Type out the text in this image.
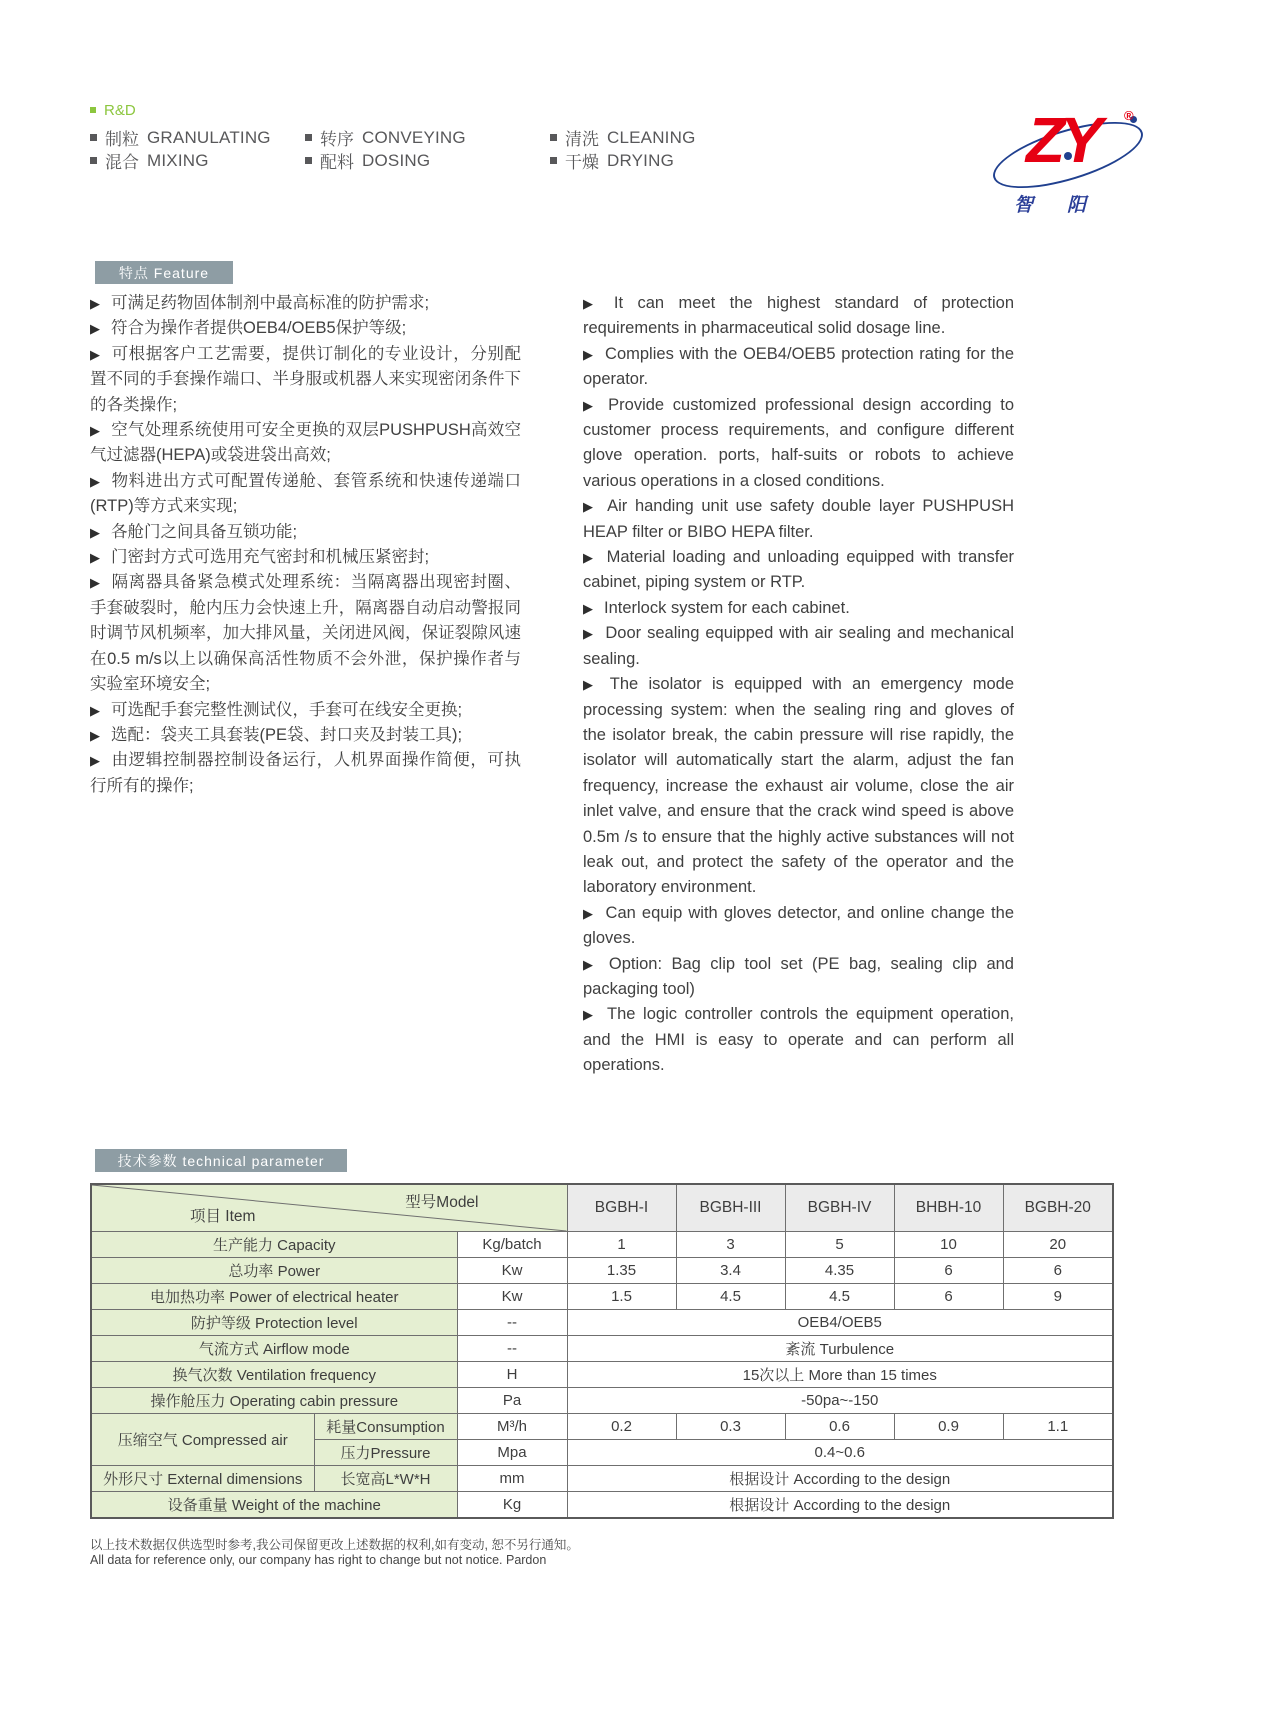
R&D
制粒 GRANULATING
混合 MIXING
转序 CONVEYING
配料 DOSING
清洗 CLEANING
干燥 DRYING	ZY ®
智阳
特点 Feature

▶ 可满足药物固体制剂中最高标准的防护需求;

▶ 符合为操作者提供OEB4/OEB5保护等级;

▶ 可根据客户工艺需要，提供订制化的专业设计，分别配置不同的手套操作端口、半身服或机器人来实现密闭条件下的各类操作;

▶ 空气处理系统使用可安全更换的双层PUSHPUSH高效空气过滤器(HEPA)或袋进袋出高效;

▶ 物料进出方式可配置传递舱、套管系统和快速传递端口(RTP)等方式来实现;

▶ 各舱门之间具备互锁功能;

▶ 门密封方式可选用充气密封和机械压紧密封;

▶ 隔离器具备紧急模式处理系统：当隔离器出现密封圈、手套破裂时，舱内压力会快速上升，隔离器自动启动警报同时调节风机频率，加大排风量，关闭进风阀，保证裂隙风速在0.5 m/s以上以确保高活性物质不会外泄，保护操作者与实验室环境安全;

▶ 可选配手套完整性测试仪，手套可在线安全更换;

▶ 选配：袋夹工具套装(PE袋、封口夹及封装工具);

▶ 由逻辑控制器控制设备运行，人机界面操作简便，可执行所有的操作;

▶ It can meet the highest standard of protection requirements in pharmaceutical solid dosage line.

▶ Complies with the OEB4/OEB5 protection rating for the operator.

▶ Provide customized professional design according to customer process requirements, and configure different glove operation. ports, half-suits or robots to achieve various operations in a closed conditions.

▶ Air handing unit use safety double layer PUSHPUSH HEAP filter or BIBO HEPA filter.

▶ Material loading and unloading equipped with transfer cabinet, piping system or RTP.

▶ Interlock system for each cabinet.

▶ Door sealing equipped with air sealing and mechanical sealing.

▶ The isolator is equipped with an emergency mode processing system: when the sealing ring and gloves of the isolator break, the cabin pressure will rise rapidly, the isolator will automatically start the alarm, adjust the fan frequency, increase the exhaust air volume, close the air inlet valve, and ensure that the crack wind speed is above 0.5m /s to ensure that the highly active substances will not leak out, and protect the safety of the operator and the laboratory environment.

▶ Can equip with gloves detector, and online change the gloves.

▶ Option: Bag clip tool set (PE bag, sealing clip and packaging tool)

▶ The logic controller controls the equipment operation, and the HMI is easy to operate and can perform all operations.

技术参数 technical parameter
型号Model
项目 Item			BGBH-I	BGBH-III	BGBH-IV	BHBH-10	BGBH-20
生产能力 Capacity		Kg/batch	1	3	5	10	20
总功率 Power		Kw	1.35	3.4	4.35	6	6
电加热功率 Power of electrical heater		Kw	1.5	4.5	4.5	6	9
防护等级 Protection level		--	OEB4/OEB5				
气流方式 Airflow mode		--	紊流 Turbulence				
换气次数 Ventilation frequency		H	15次以上 More than 15 times				
操作舱压力 Operating cabin pressure		Pa	-50pa~-150				
压缩空气 Compressed air	耗量Consumption	M³/h	0.2	0.3	0.6	0.9	1.1
	压力Pressure	Mpa	0.4~0.6				
外形尺寸 External dimensions	长宽高L*W*H	mm	根据设计 According to the design				
设备重量 Weight of the machine		Kg	根据设计 According to the design				
以上技术数据仅供选型时参考,我公司保留更改上述数据的权利,如有变动, 恕不另行通知。
All data for reference only, our company has right to change but not notice. Pardon
